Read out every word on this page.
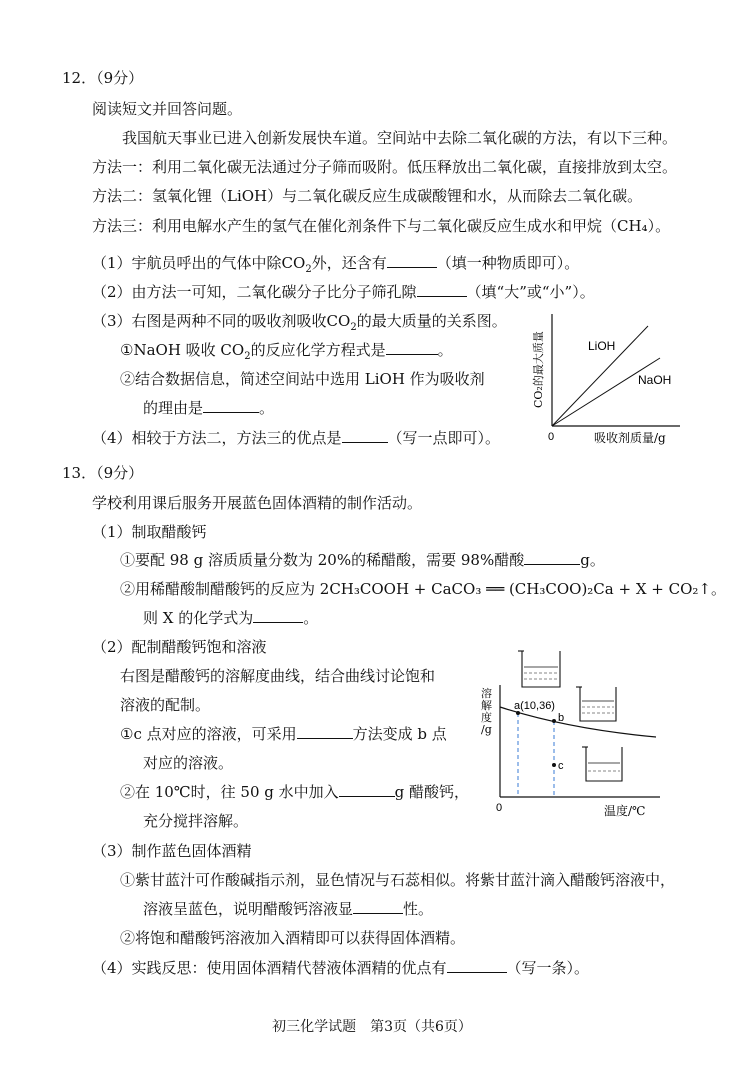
12．（9分）
阅读短文并回答问题。
我国航天事业已进入创新发展快车道。空间站中去除二氧化碳的方法，有以下三种。
方法一：利用二氧化碳无法通过分子筛而吸附。低压释放出二氧化碳，直接排放到太空。
方法二：氢氧化锂（LiOH）与二氧化碳反应生成碳酸锂和水，从而除去二氧化碳。
方法三：利用电解水产生的氢气在催化剂条件下与二氧化碳反应生成水和甲烷（CH₄）。
（1）宇航员呼出的气体中除$CO_2$外，还含有	（填一种物质即可）。
（2）由方法一可知，二氧化碳分子比分子筛孔隙	（填“大”或“小”）。
（3）右图是两种不同的吸收剂吸收$CO_2$的最大质量的关系图。
①NaOH 吸收 $CO_2$的反应化学方程式是	。
②结合数据信息，简述空间站中选用 LiOH 作为吸收剂
的理由是	。
（4）相较于方法二，方法三的优点是	（写一点即可）。
LiOH
NaOH
0	吸收剂质量/g
CO₂的最大质量
13．（9分）
学校利用课后服务开展蓝色固体酒精的制作活动。
（1）制取醋酸钙
①要配 98 g 溶质质量分数为 20%的稀醋酸，需要 98%醋酸	g。
②用稀醋酸制醋酸钙的反应为 2CH₃COOH + CaCO₃ ══ (CH₃COO)₂Ca + X + CO₂↑。
则 X 的化学式为	。
（2）配制醋酸钙饱和溶液
右图是醋酸钙的溶解度曲线，结合曲线讨论饱和
溶液的配制。
①c 点对应的溶液，可采用	方法变成 b 点
对应的溶液。
②在 10℃时，往 50 g 水中加入	g 醋酸钙，
充分搅拌溶解。
（3）制作蓝色固体酒精
①紫甘蓝汁可作酸碱指示剂，显色情况与石蕊相似。将紫甘蓝汁滴入醋酸钙溶液中，
溶液呈蓝色，说明醋酸钙溶液显	性。
②将饱和醋酸钙溶液加入酒精即可以获得固体酒精。
（4）实践反思：使用固体酒精代替液体酒精的优点有	（写一条）。
溶
解
度
/g
a(10,36)
b
c
0	温度/℃
初三化学试题　第3页（共6页）
